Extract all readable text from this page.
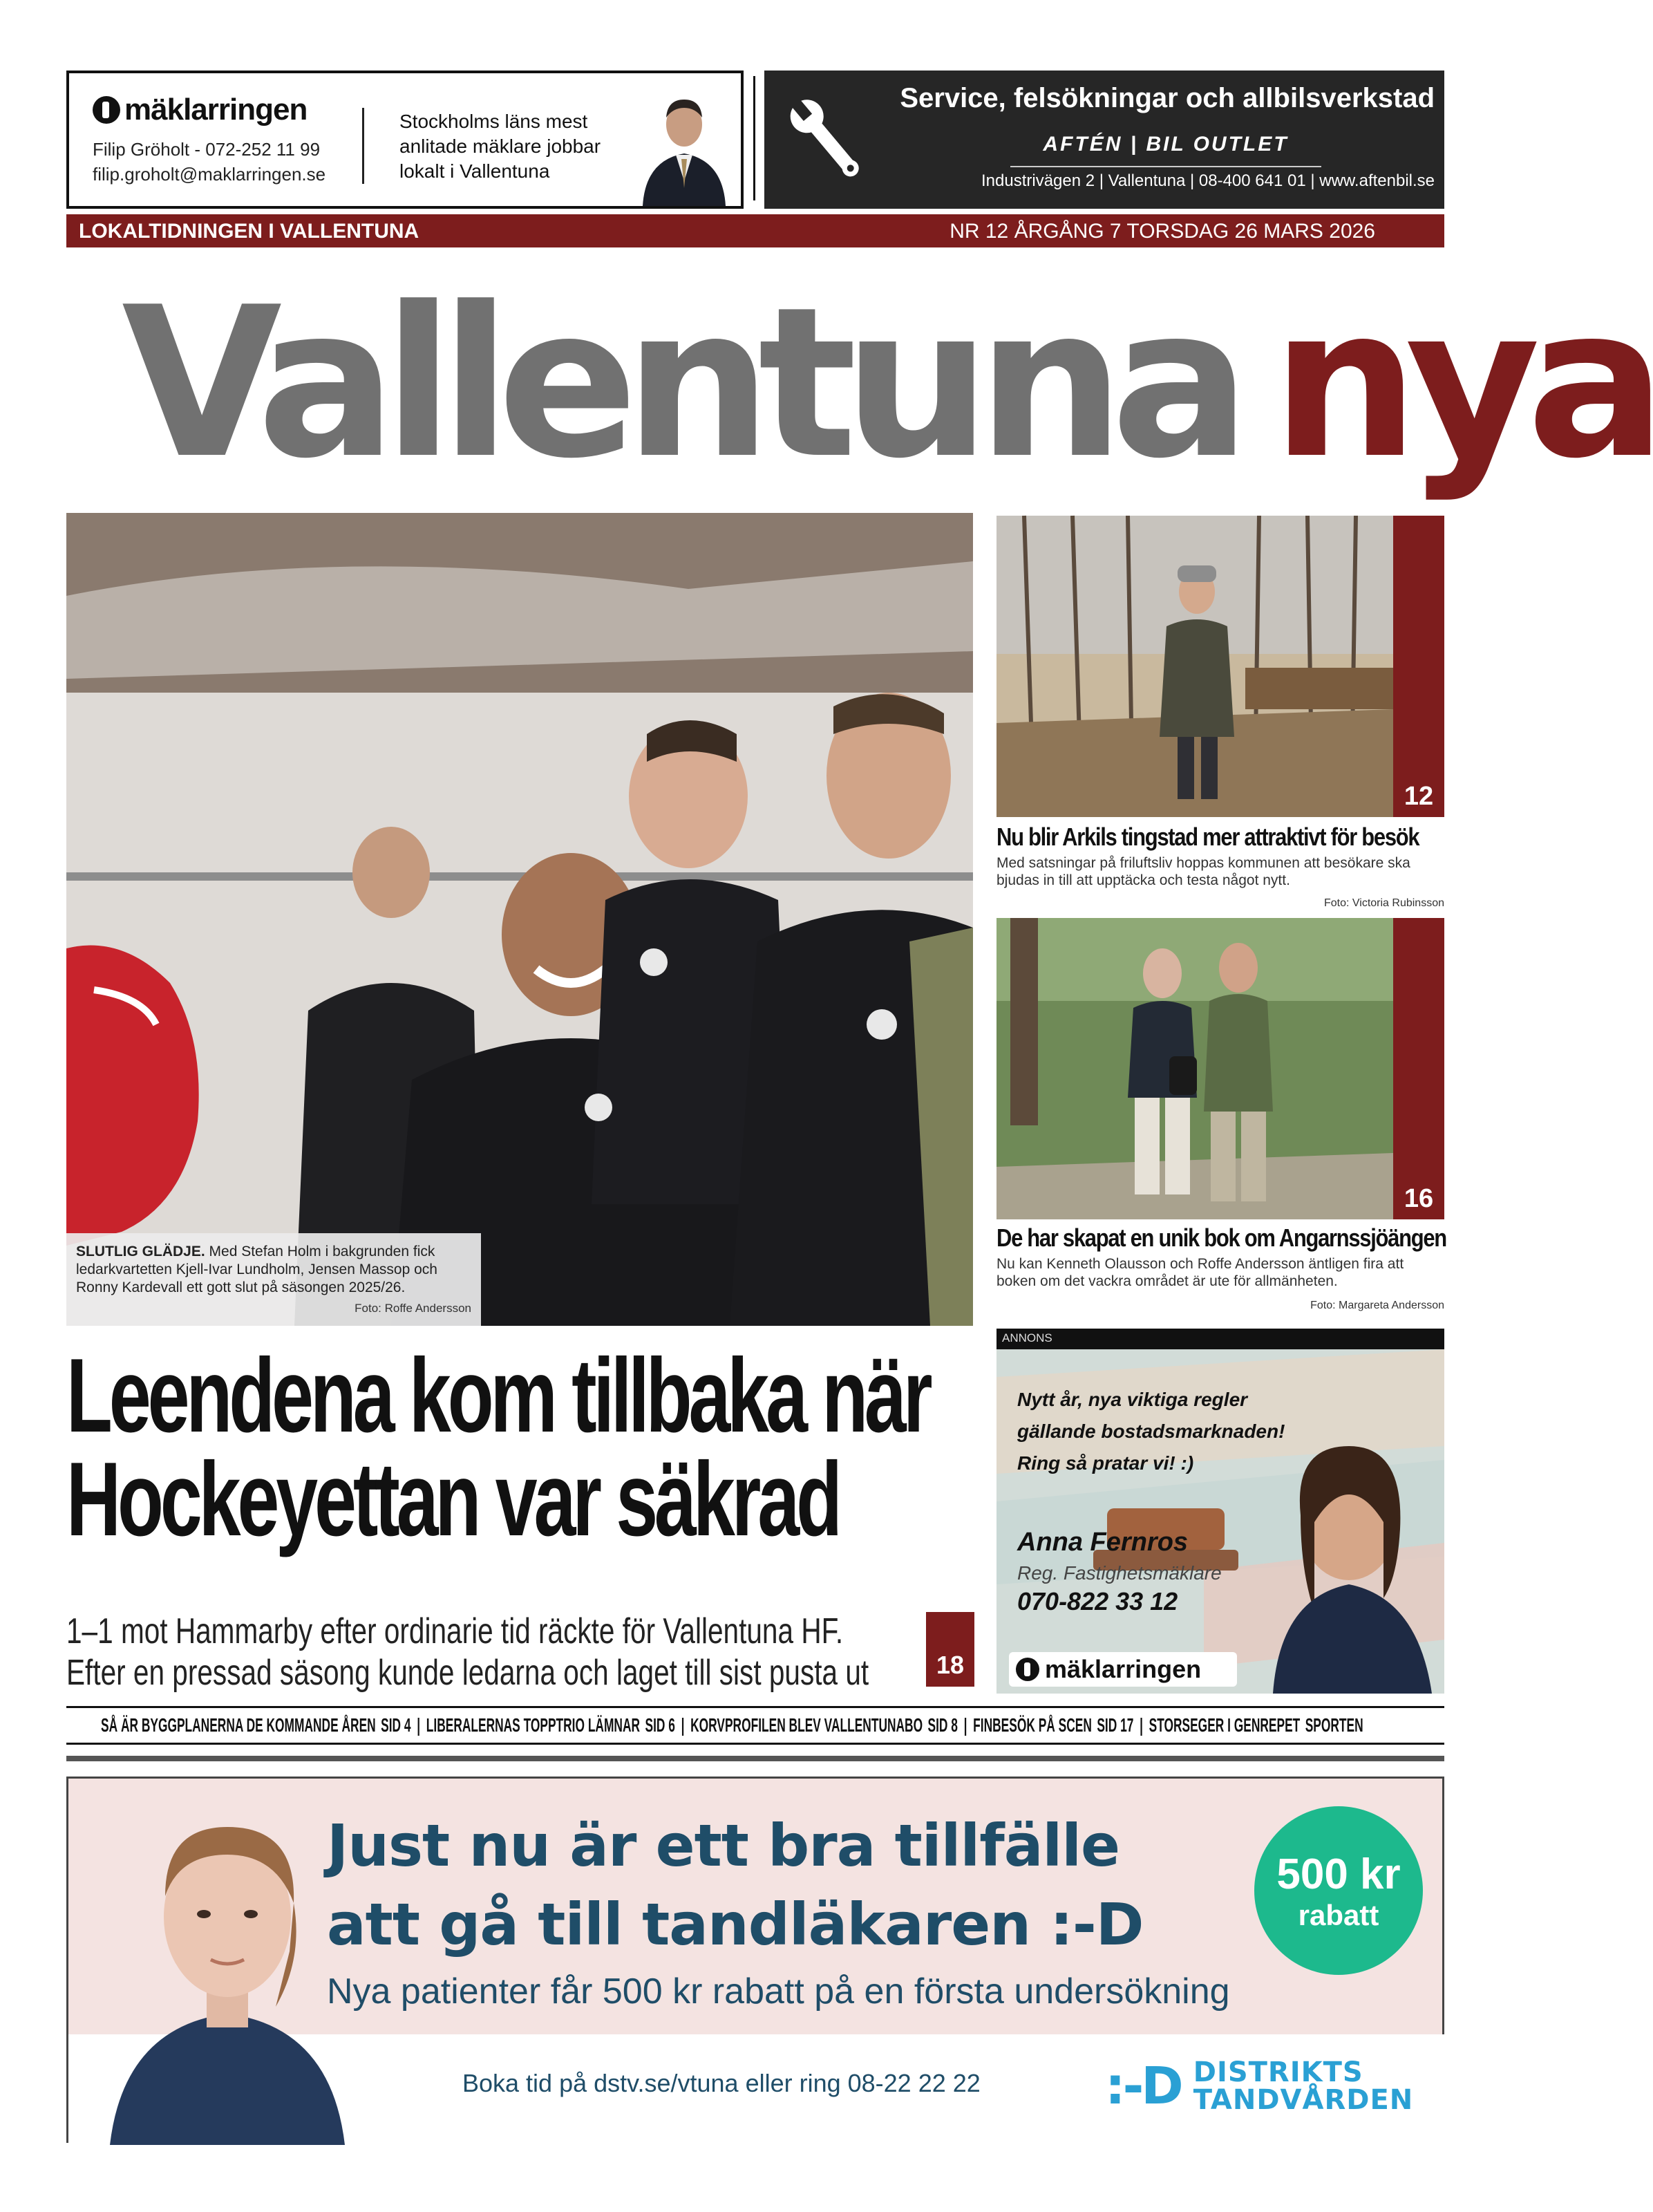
mäklarringen
Filip Gröholt - 072-252 11 99
filip.groholt@maklarringen.se
Stockholms läns mest anlitade mäklare jobbar lokalt i Vallentuna
Service, felsökningar och allbilsverkstad
AFTÉN | BIL OUTLET
Industrivägen 2 | Vallentuna | 08-400 641 01 | www.aftenbil.se
LOKALTIDNINGEN I VALLENTUNA	NR 12 ÅRGÅNG 7 TORSDAG 26 MARS 2026
Vallentuna nya
SLUTLIG GLÄDJE. Med Stefan Holm i bakgrunden fick ledarkvartetten Kjell-Ivar Lundholm, Jensen Massop och Ronny Kardevall ett gott slut på säsongen 2025/26.
Foto: Roffe Andersson
12
Nu blir Arkils tingstad mer attraktivt för besök
Med satsningar på friluftsliv hoppas kommunen att besökare ska bjudas in till att upptäcka och testa något nytt.
Foto: Victoria Rubinsson
16
De har skapat en unik bok om Angarnssjöängen
Nu kan Kenneth Olausson och Roffe Andersson äntligen fira att boken om det vackra området är ute för allmänheten.
Foto: Margareta Andersson
Leendena kom tillbaka när
Hockeyettan var säkrad
1–1 mot Hammarby efter ordinarie tid räckte för Vallentuna HF.
Efter en pressad säsong kunde ledarna och laget till sist pusta ut	18
ANNONS
Nytt år, nya viktiga regler
gällande bostadsmarknaden!
Ring så pratar vi! :)
Anna Fernros
Reg. Fastighetsmäklare
070-822 33 12
mäklarringen
SÅ ÄR BYGGPLANERNA DE KOMMANDE ÅREN SID 4 | LIBERALERNAS TOPPTRIO LÄMNAR SID 6 | KORVPROFILEN BLEV VALLENTUNABO SID 8 | FINBESÖK PÅ SCEN SID 17 | STORSEGER I GENREPET SPORTEN
Just nu är ett bra tillfälle
att gå till tandläkaren :-D
Nya patienter får 500 kr rabatt på en första undersökning
500 kr
rabatt
Boka tid på dstv.se/vtuna eller ring 08-22 22 22 :-D DISTRIKTS
TANDVÅRDEN
